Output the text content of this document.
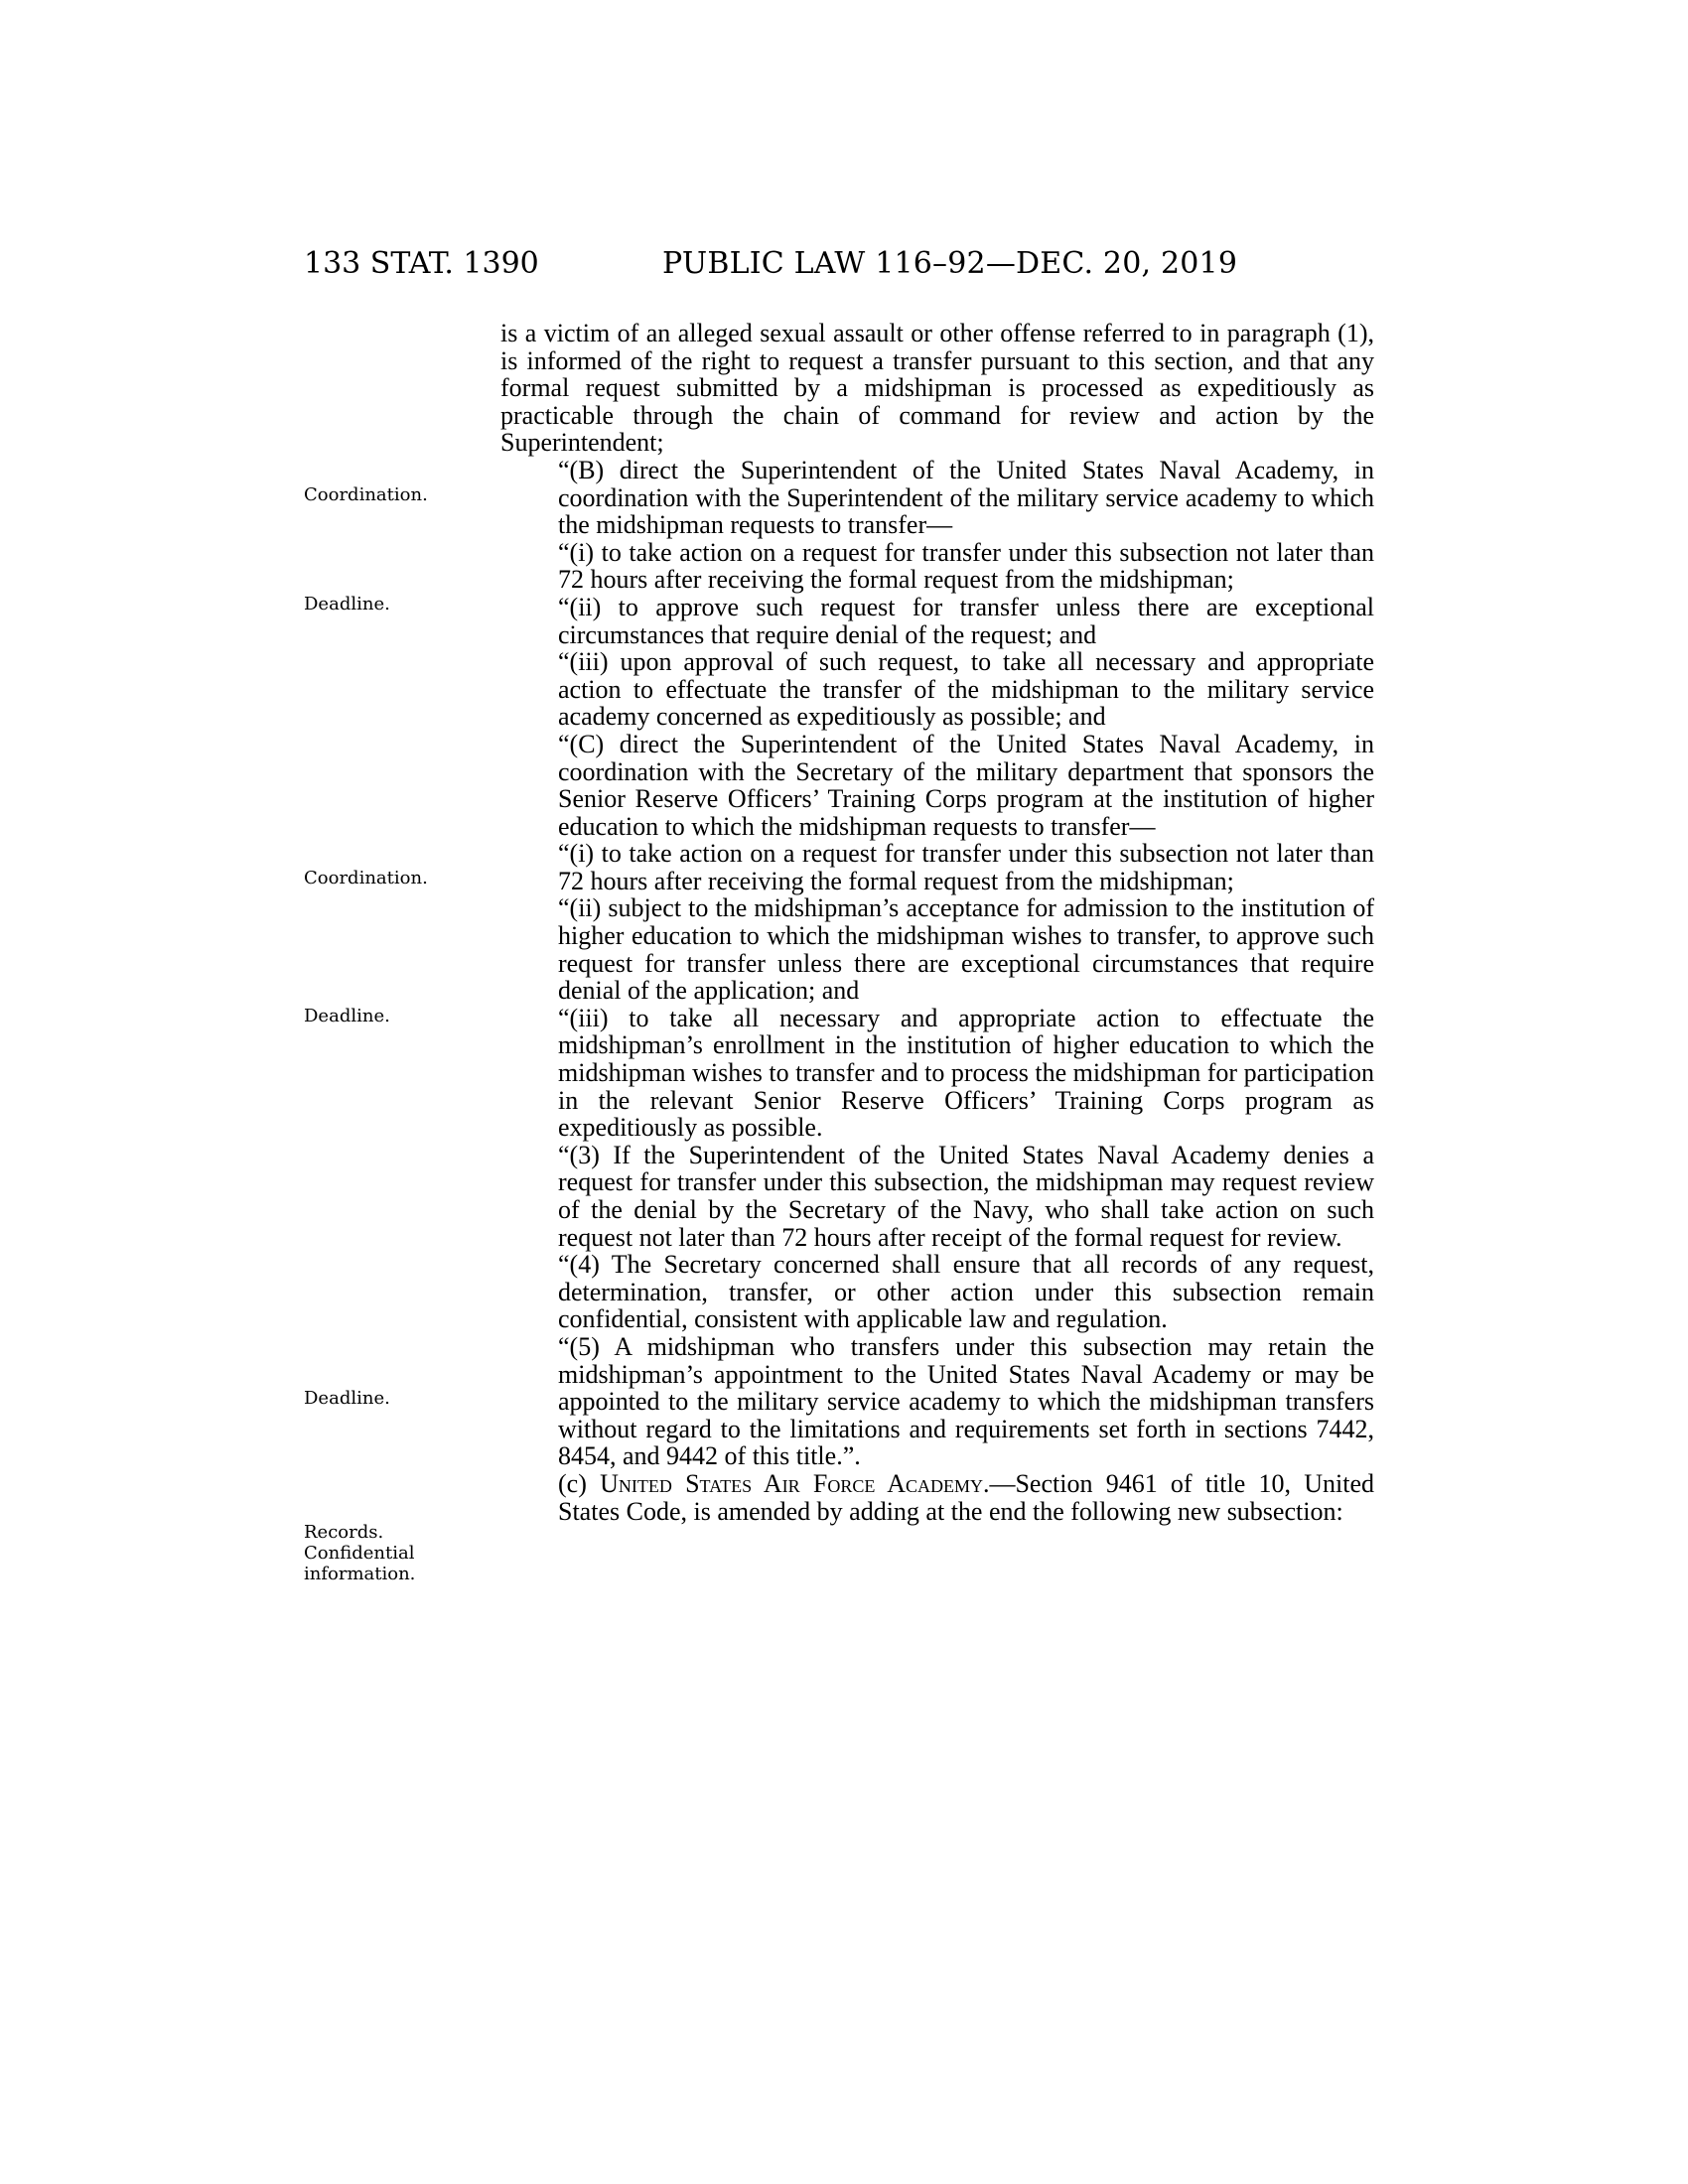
133 STAT. 1390	PUBLIC LAW 116–92—DEC. 20, 2019
Coordination.
Deadline.
Coordination.
Deadline.
Deadline.
Records.
Confidential
information.

is a victim of an alleged sexual assault or other offense referred to in paragraph (1), is informed of the right to request a transfer pursuant to this section, and that any formal request submitted by a midshipman is processed as expeditiously as practicable through the chain of command for review and action by the Superintendent;

“(B) direct the Superintendent of the United States Naval Academy, in coordination with the Superintendent of the military service academy to which the midshipman requests to transfer—

“(i) to take action on a request for transfer under this subsection not later than 72 hours after receiving the formal request from the midshipman;

“(ii) to approve such request for transfer unless there are exceptional circumstances that require denial of the request; and

“(iii) upon approval of such request, to take all necessary and appropriate action to effectuate the transfer of the midshipman to the military service academy concerned as expeditiously as possible; and

“(C) direct the Superintendent of the United States Naval Academy, in coordination with the Secretary of the military department that sponsors the Senior Reserve Officers’ Training Corps program at the institution of higher education to which the midshipman requests to transfer—

“(i) to take action on a request for transfer under this subsection not later than 72 hours after receiving the formal request from the midshipman;

“(ii) subject to the midshipman’s acceptance for admission to the institution of higher education to which the midshipman wishes to transfer, to approve such request for transfer unless there are exceptional circumstances that require denial of the application; and

“(iii) to take all necessary and appropriate action to effectuate the midshipman’s enrollment in the institution of higher education to which the midshipman wishes to transfer and to process the midshipman for participation in the relevant Senior Reserve Officers’ Training Corps program as expeditiously as possible.

“(3) If the Superintendent of the United States Naval Academy denies a request for transfer under this subsection, the midshipman may request review of the denial by the Secretary of the Navy, who shall take action on such request not later than 72 hours after receipt of the formal request for review.

“(4) The Secretary concerned shall ensure that all records of any request, determination, transfer, or other action under this subsection remain confidential, consistent with applicable law and regulation.

“(5) A midshipman who transfers under this subsection may retain the midshipman’s appointment to the United States Naval Academy or may be appointed to the military service academy to which the midshipman transfers without regard to the limitations and requirements set forth in sections 7442, 8454, and 9442 of this title.”.

(c) United States Air Force Academy.—Section 9461 of title 10, United States Code, is amended by adding at the end the following new subsection:
